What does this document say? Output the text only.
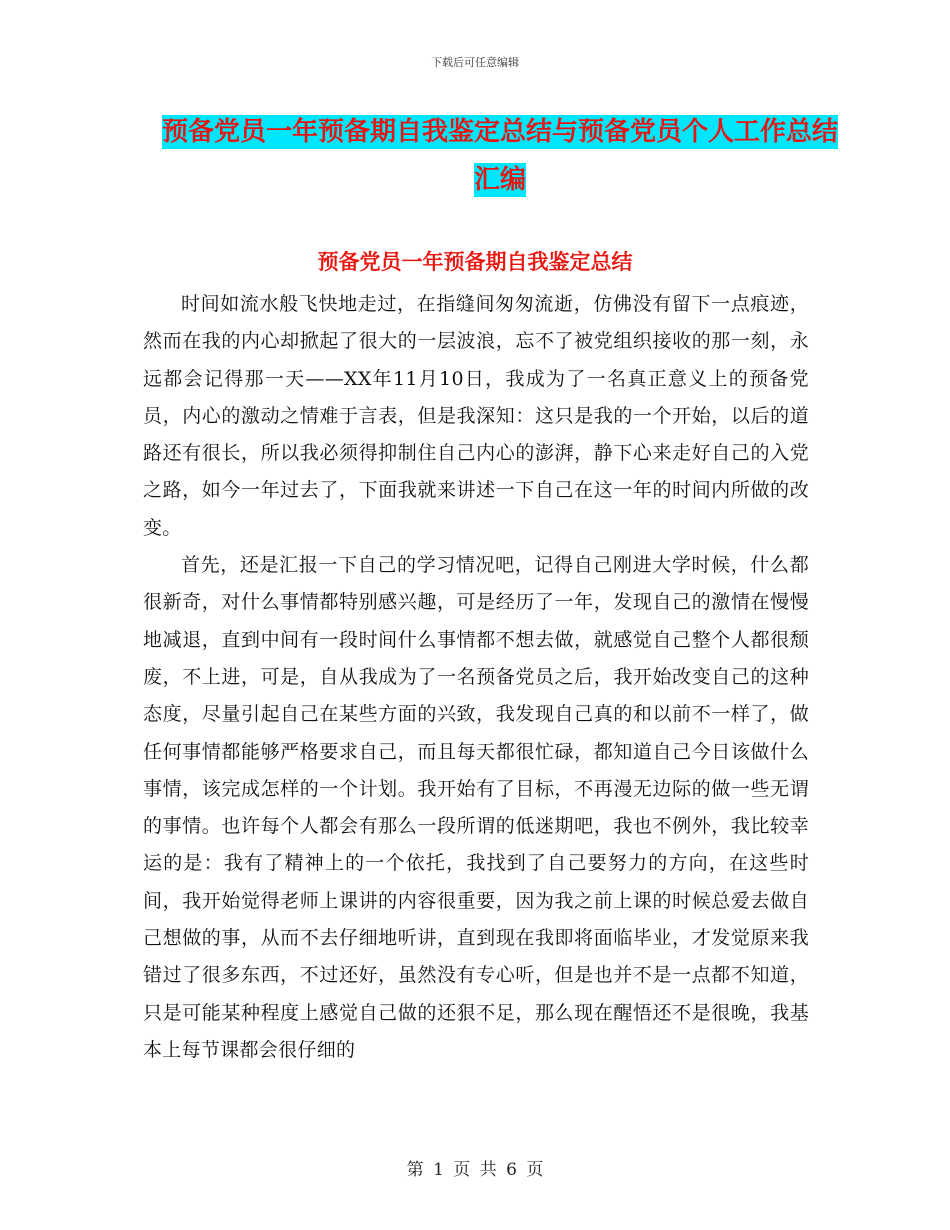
下载后可任意编辑
预备党员一年预备期自我鉴定总结与预备党员个人工作总结汇编
预备党员一年预备期自我鉴定总结

时间如流水般飞快地走过，在指缝间匆匆流逝，仿佛没有留下一点痕迹，然而在我的内心却掀起了很大的一层波浪，忘不了被党组织接收的那一刻，永远都会记得那一天——XX年11月10日，我成为了一名真正意义上的预备党员，内心的激动之情难于言表，但是我深知：这只是我的一个开始，以后的道路还有很长，所以我必须得抑制住自己内心的澎湃，静下心来走好自己的入党之路，如今一年过去了，下面我就来讲述一下自己在这一年的时间内所做的改变。

首先，还是汇报一下自己的学习情况吧，记得自己刚进大学时候，什么都很新奇，对什么事情都特别感兴趣，可是经历了一年，发现自己的激情在慢慢地减退，直到中间有一段时间什么事情都不想去做，就感觉自己整个人都很颓废，不上进，可是，自从我成为了一名预备党员之后，我开始改变自己的这种态度，尽量引起自己在某些方面的兴致，我发现自己真的和以前不一样了，做任何事情都能够严格要求自己，而且每天都很忙碌，都知道自己今日该做什么事情，该完成怎样的一个计划。我开始有了目标，不再漫无边际的做一些无谓的事情。也许每个人都会有那么一段所谓的低迷期吧，我也不例外，我比较幸运的是：我有了精神上的一个依托，我找到了自己要努力的方向，在这些时间，我开始觉得老师上课讲的内容很重要，因为我之前上课的时候总爱去做自己想做的事，从而不去仔细地听讲，直到现在我即将面临毕业，才发觉原来我错过了很多东西，不过还好，虽然没有专心听，但是也并不是一点都不知道，只是可能某种程度上感觉自己做的还狠不足，那么现在醒悟还不是很晚，我基本上每节课都会很仔细的

第 1 页 共 6 页
